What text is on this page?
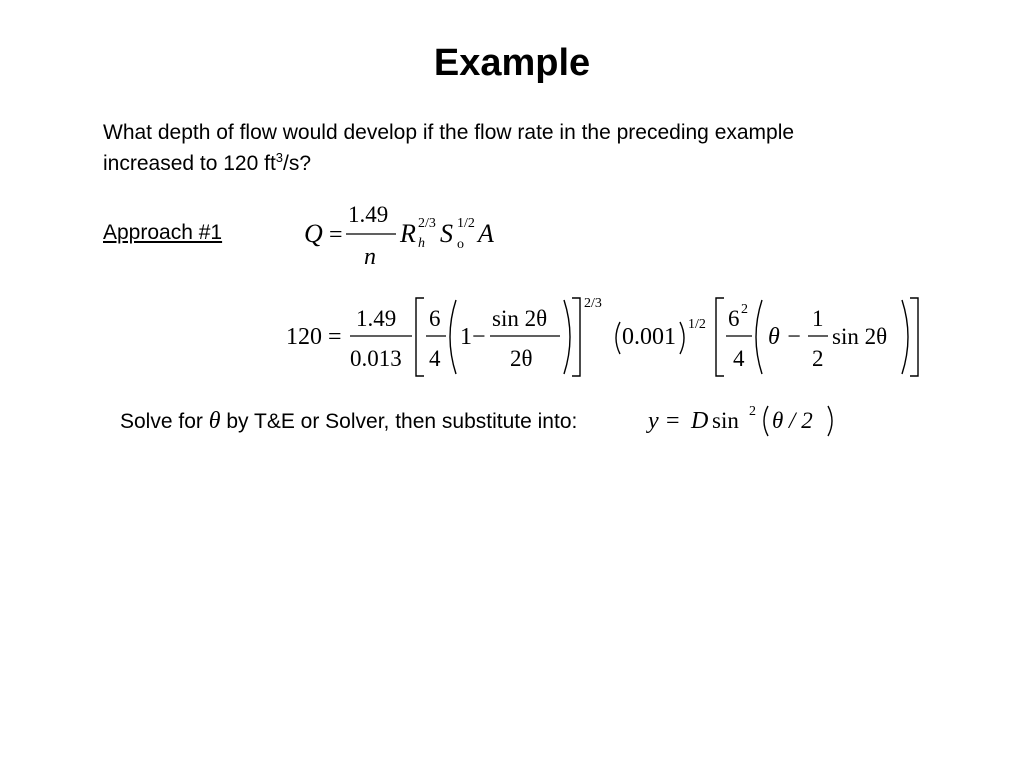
Example
What depth of flow would develop if the flow rate in the preceding example
increased to 120 $ft^3/s$?
Approach #1	Q =
1.49
n
R 2/3
h S 1/2
o A
120 =
1.49
0.013
6
4
1−
sin 2θ
2θ
2/3
0.001 1/2 6 2
4
θ −
1
2
sin 2θ
Solve for θ by T&E or Solver, then substitute into:	y = D sin 2 θ / 2
